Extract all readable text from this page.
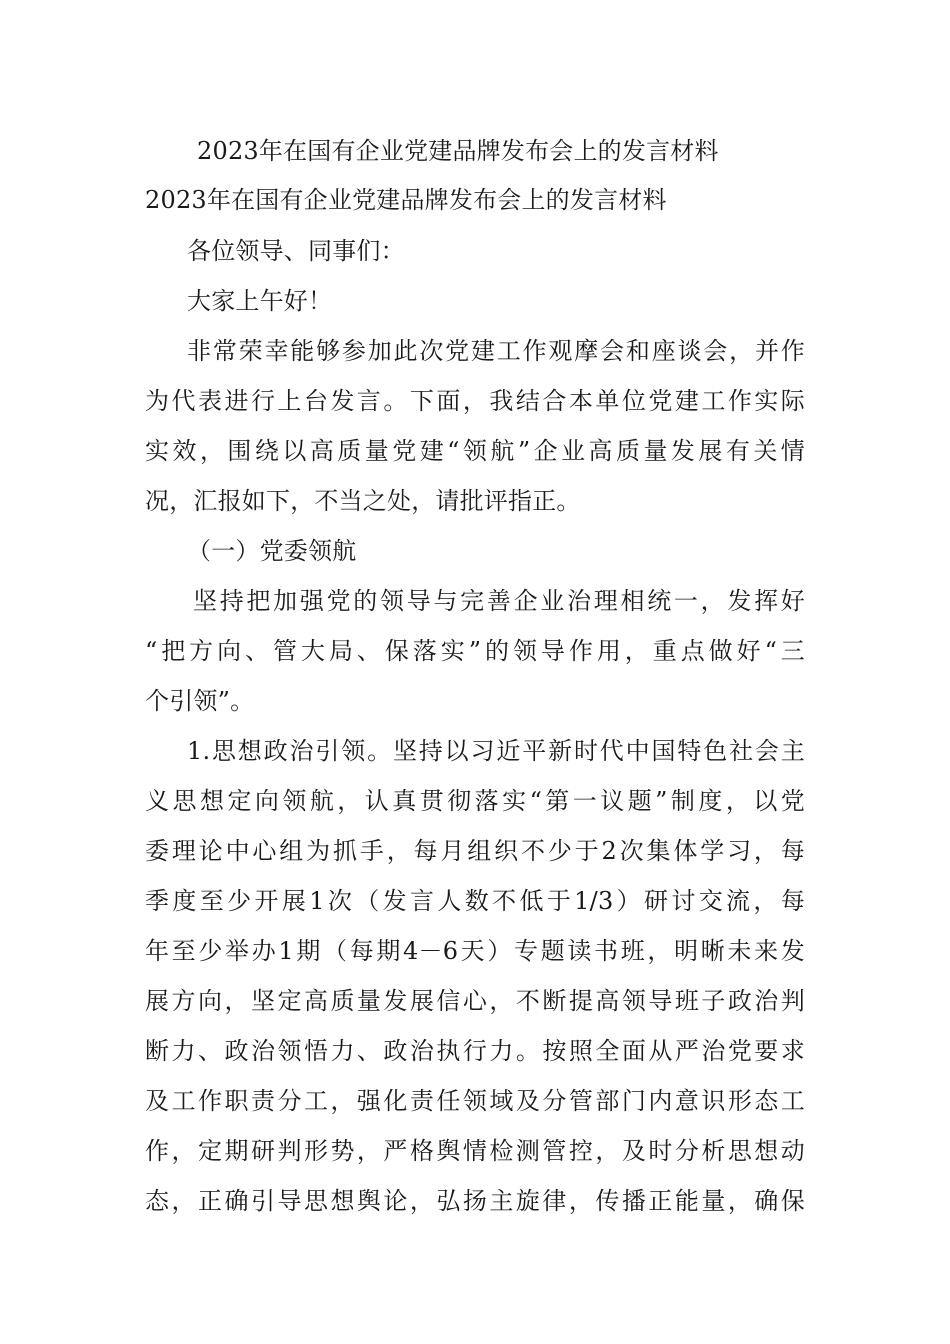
2023年在国有企业党建品牌发布会上的发言材料
2023年在国有企业党建品牌发布会上的发言材料
各位领导、同事们：
大家上午好！
非常荣幸能够参加此次党建工作观摩会和座谈会，并作
为代表进行上台发言。下面，我结合本单位党建工作实际
实效，围绕以高质量党建“领航”企业高质量发展有关情
况，汇报如下，不当之处，请批评指正。
（一）党委领航
坚持把加强党的领导与完善企业治理相统一，发挥好
“把方向、管大局、保落实”的领导作用，重点做好“三
个引领”。
1.思想政治引领。坚持以习近平新时代中国特色社会主
义思想定向领航，认真贯彻落实“第一议题”制度，以党
委理论中心组为抓手，每月组织不少于2次集体学习，每
季度至少开展1次（发言人数不低于1/3）研讨交流，每
年至少举办1期（每期4－6天）专题读书班，明晰未来发
展方向，坚定高质量发展信心，不断提高领导班子政治判
断力、政治领悟力、政治执行力。按照全面从严治党要求
及工作职责分工，强化责任领域及分管部门内意识形态工
作，定期研判形势，严格舆情检测管控，及时分析思想动
态，正确引导思想舆论，弘扬主旋律，传播正能量，确保
